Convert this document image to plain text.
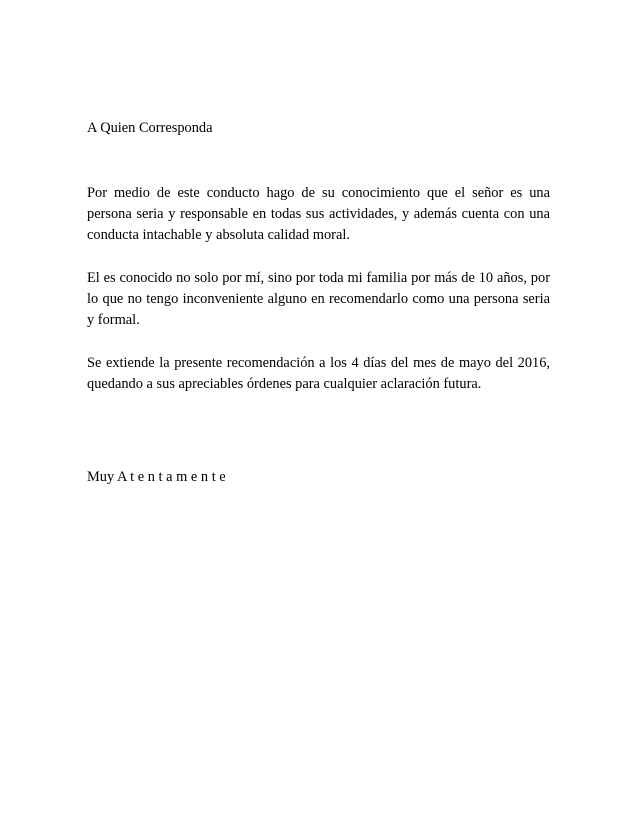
A Quien Corresponda
Por medio de este conducto hago de su conocimiento que el señor es una persona seria y responsable en todas sus actividades, y además cuenta con una conducta intachable y absoluta calidad moral.
El es conocido no solo por mí, sino por toda mi familia por más de 10 años, por lo que no tengo inconveniente alguno en recomendarlo como una persona seria y formal.
Se extiende la presente recomendación a los 4 días del mes de mayo del 2016, quedando a sus apreciables órdenes para cualquier aclaración futura.
Muy A t e n t a m e n t e
